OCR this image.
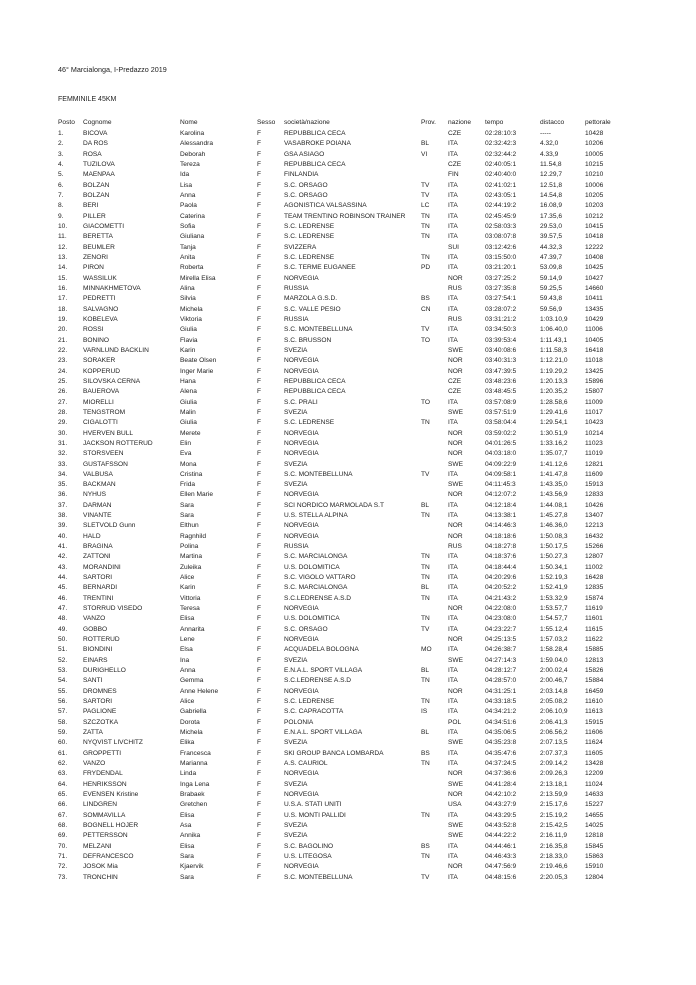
46° Marcialonga, I-Predazzo 2019
FEMMINILE 45KM
Posto Cognome	Nome	Sesso società/nazione	Prov. nazione tempo	distacco	pettorale
1.	BICOVA	Karolina	F	REPUBBLICA CECA	CZE	02:28:10:3	-----	10428
2.	DA ROS	Alessandra	F	VASABROKE POIANA	BL	ITA	02:32:42:3	4.32,0	10206
3.	ROSA	Deborah	F	GSA ASIAGO	VI	ITA	02:32:44:2	4.33,9	10005
4.	TUZILOVA	Tereza	F	REPUBBLICA CECA	CZE	02:40:05:1	11.54,8	10215
5.	MAENPAA	Ida	F	FINLANDIA	FIN	02:40:40:0	12.29,7	10210
6.	BOLZAN	Lisa	F	S.C. ORSAGO	TV	ITA	02:41:02:1	12.51,8	10006
7.	BOLZAN	Anna	F	S.C. ORSAGO	TV	ITA	02:43:05:1	14.54,8	10205
8.	BERI	Paola	F	AGONISTICA VALSASSINA	LC	ITA	02:44:19:2	16.08,9	10203
9.	PILLER	Caterina	F	TEAM TRENTINO ROBINSON TRAINER TN	ITA	02:45:45:9	17.35,6	10212
10. GIACOMETTI	Sofia	F	S.C. LEDRENSE	TN	ITA	02:58:03:3	29.53,0	10415
11. BERETTA	Giuliana	F	S.C. LEDRENSE	TN	ITA	03:08:07:8	39.57,5	10418
12. BEUMLER	Tanja	F	SVIZZERA	SUI	03:12:42:6	44.32,3	12222
13. ZENORI	Anita	F	S.C. LEDRENSE	TN	ITA	03:15:50:0	47.39,7	10408
14. PIRON	Roberta	F	S.C. TERME EUGANEE	PD	ITA	03:21:20:1	53.09,8	10425
15. WASSILUK	Mirella Elisa	F	NORVEGIA	NOR	03:27:25:2	59.14,9	10427
16. MINNAKHMETOVA	Alina	F	RUSSIA	RUS	03:27:35:8	59.25,5	14660
17. PEDRETTI	Silvia	F	MARZOLA G.S.D.	BS	ITA	03:27:54:1	59.43,8	10411
18. SALVAGNO	Michela	F	S.C. VALLE PESIO	CN	ITA	03:28:07:2	59.56,9	13435
19. KOBELEVA	Viktoria	F	RUSSIA	RUS	03:31:21:2	1:03.10,9	10429
20. ROSSI	Giulia	F	S.C. MONTEBELLUNA	TV	ITA	03:34:50:3	1:06.40,0	11006
21. BONINO	Flavia	F	S.C. BRUSSON	TO	ITA	03:39:53:4	1:11.43,1	10405
22. VARNLUND BACKLIN	Karin	F	SVEZIA	SWE	03:40:08:6	1:11.58,3	16418
23. SORAKER	Beate Olsen	F	NORVEGIA	NOR	03:40:31:3	1:12.21,0	11018
24. KOPPERUD	Inger Marie	F	NORVEGIA	NOR	03:47:39:5	1:19.29,2	13425
25. SILOVSKA CERNA	Hana	F	REPUBBLICA CECA	CZE	03:48:23:6	1:20.13,3	15896
26. BAUEROVA	Alena	F	REPUBBLICA CECA	CZE	03:48:45:5	1:20.35,2	15807
27. MIORELLI	Giulia	F	S.C. PRALI	TO	ITA	03:57:08:9	1:28.58,6	11009
28. TENGSTROM	Malin	F	SVEZIA	SWE	03:57:51:9	1:29.41,6	11017
29. CIGALOTTI	Giulia	F	S.C. LEDRENSE	TN	ITA	03:58:04:4	1:29.54,1	10423
30. HVERVEN BULL	Merete	F	NORVEGIA	NOR	03:59:02:2	1:30.51,9	10214
31. JACKSON ROTTERUD	Elin	F	NORVEGIA	NOR	04:01:26:5	1:33.16,2	11023
32. STORSVEEN	Eva	F	NORVEGIA	NOR	04:03:18:0	1:35.07,7	11019
33. GUSTAFSSON	Mona	F	SVEZIA	SWE	04:09:22:9	1:41.12,6	12821
34. VALBUSA	Cristina	F	S.C. MONTEBELLUNA	TV	ITA	04:09:58:1	1:41.47,8	11609
35. BACKMAN	Frida	F	SVEZIA	SWE	04:11:45:3	1:43.35,0	15913
36. NYHUS	Ellen Marie	F	NORVEGIA	NOR	04:12:07:2	1:43.56,9	12833
37. DARMAN	Sara	F	SCI NORDICO MARMOLADA S.T	BL	ITA	04:12:18:4	1:44.08,1	10426
38. VINANTE	Sara	F	U.S. STELLA ALPINA	TN	ITA	04:13:38:1	1:45.27,8	13407
39. SLETVOLD Gunn	Elthun	F	NORVEGIA	NOR	04:14:46:3	1:46.36,0	12213
40. HALD	Ragnhild	F	NORVEGIA	NOR	04:18:18:6	1:50.08,3	16432
41. BRAGINA	Polina	F	RUSSIA	RUS	04:18:27:8	1:50.17,5	15266
42. ZATTONI	Martina	F	S.C. MARCIALONGA	TN	ITA	04:18:37:6	1:50.27,3	12807
43. MORANDINI	Zuleika	F	U.S. DOLOMITICA	TN	ITA	04:18:44:4	1:50.34,1	11002
44. SARTORI	Alice	F	S.C. VIGOLO VATTARO	TN	ITA	04:20:29:6	1:52.19,3	16428
45. BERNARDI	Karin	F	S.C. MARCIALONGA	BL	ITA	04:20:52:2	1:52.41,9	12835
46. TRENTINI	Vittoria	F	S.C.LEDRENSE A.S.D	TN	ITA	04:21:43:2	1:53.32,9	15874
47. STORRUD VISEDO	Teresa	F	NORVEGIA	NOR	04:22:08:0	1:53.57,7	11619
48. VANZO	Elisa	F	U.S. DOLOMITICA	TN	ITA	04:23:08:0	1:54.57,7	11601
49. GOBBO	Annarita	F	S.C. ORSAGO	TV	ITA	04:23:22:7	1:55.12,4	11615
50. ROTTERUD	Lene	F	NORVEGIA	NOR	04:25:13:5	1:57.03,2	11622
51. BIONDINI	Elsa	F	ACQUADELA BOLOGNA	MO ITA	04:26:38:7	1:58.28,4	15885
52. EINARS	Ina	F	SVEZIA	SWE	04:27:14:3	1:59.04,0	12813
53. DURIGHELLO	Anna	F	E.N.A.L. SPORT VILLAGA	BL	ITA	04:28:12:7	2:00.02,4	15826
54. SANTI	Gemma	F	S.C.LEDRENSE A.S.D	TN	ITA	04:28:57:0	2:00.46,7	15884
55. DROMNES	Anne Helene	F	NORVEGIA	NOR	04:31:25:1	2:03.14,8	16459
56. SARTORI	Alice	F	S.C. LEDRENSE	TN	ITA	04:33:18:5	2:05.08,2	11610
57. PAGLIONE	Gabriella	F	S.C. CAPRACOTTA	IS	ITA	04:34:21:2	2:06.10,9	11613
58. SZCZOTKA	Dorota	F	POLONIA	POL	04:34:51:6	2:06.41,3	15915
59. ZATTA	Michela	F	E.N.A.L. SPORT VILLAGA	BL	ITA	04:35:06:5	2:06.56,2	11606
60. NYQVIST LIVCHITZ	Elika	F	SVEZIA	SWE	04:35:23:8	2:07.13,5	11624
61. GROPPETTI	Francesca	F	SKI GROUP BANCA LOMBARDA	BS	ITA	04:35:47:6	2:07.37,3	11605
62. VANZO	Marianna	F	A.S. CAURIOL	TN	ITA	04:37:24:5	2:09.14,2	13428
63. FRYDENDAL	Linda	F	NORVEGIA	NOR	04:37:36:6	2:09.26,3	12209
64. HENRIKSSON	Inga Lena	F	SVEZIA	SWE	04:41:28:4	2:13.18,1	11024
65. EVENSEN Kristine	Brabaek	F	NORVEGIA	NOR	04:42:10:2	2:13.59,9	14633
66. LINDGREN	Gretchen	F	U.S.A. STATI UNITI	USA	04:43:27:9	2:15.17,6	15227
67. SOMMAVILLA	Elisa	F	U.S. MONTI PALLIDI	TN	ITA	04:43:29:5	2:15.19,2	14655
68. BOGNELL HOJER	Asa	F	SVEZIA	SWE	04:43:52:8	2:15.42,5	14025
69. PETTERSSON	Annika	F	SVEZIA	SWE	04:44:22:2	2:16.11,9	12818
70. MELZANI	Elisa	F	S.C. BAGOLINO	BS	ITA	04:44:46:1	2:16.35,8	15845
71. DEFRANCESCO	Sara	F	U.S. LITEGOSA	TN	ITA	04:46:43:3	2:18.33,0	15863
72. JOSOK Mia	Kjaervik	F	NORVEGIA	NOR	04:47:56:9	2:19.46,6	15910
73. TRONCHIN	Sara	F	S.C. MONTEBELLUNA	TV	ITA	04:48:15:6	2:20.05,3	12804
